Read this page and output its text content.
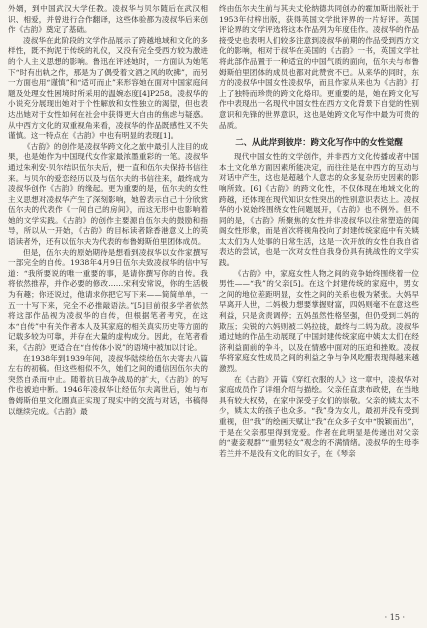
外婿，到中国武汉大学任教。凌叔华与贝尔随后在武汉相识、相爱，并曾进行合作翻译，这些体验都为凌叔华后来创作《古韵》奠定了基础。

凌叔华在此阶段的文学作品展示了跨越地域和文化的多样性，既不拘泥于传统的礼仪，又没有完全受西方较为激进的个人主义思想的影响。鲁迅在评述她时，一方面认为她笔下“时有出轨之作，那是为了偶受着文酒之风的吹拂”，而另一方面也用“谨慎”和“适可而止”来形容她在面对中国家庭问题及处理女性困境时所采用的温婉态度[4]P258。凌叔华的小说充分展现出她对于个性解放和女性独立的渴望，但也表达出她对于女性如何在社会中获得更大自由的焦虑与疑惑。从中西方文化的双重视角来看，凌叔华的作品既感性又不失谨慎。这一特点在《古韵》中也有明显的表现[1]。

《古韵》的创作是凌叔华跨文化之旅中最引人注目的成果，也是她作为中国现代女作家最浓墨重彩的一笔。凌叔华通过朱利安·贝尔结识伍尔夫后，便一直和伍尔夫保持书信往来。与贝尔的爱恋经历以及与伍尔夫的书信往来，最终成为凌叔华创作《古韵》的缘起。更为重要的是，伍尔夫的女性主义思想对凌叔华产生了深刻影响，她曾表示自己十分欣赏伍尔夫的代表作《一间自己的房间》，而这无形中也影响着她的文学实践。《古韵》的创作主要源自伍尔夫的鼓励和指导，所以从一开始，《古韵》的目标读者除香港意义上的英语读者外，还有以伍尔夫为代表的布鲁姆斯伯里团体成员。

但是，伍尔夫的原始期待是想看到凌叔华以女作家撰写一部完全的自传。1938年4月9日伍尔夫致凌叔华的信中写道：“我所要说的唯一重要的事，是请你撰写你的自传。我将依然推荐，并作必要的修改……宋利安常说，你的生活极为有趣；你还说过，他请求你把它写下来——简简单单，一五一十写下来，完全不必推敲语法。”[5]目前很多学者依然将这部作品视为凌叔华的自传，但根据笔者考究，在这本“自传”中有关作者本人及其家庭的相关真实历史等方面的记载多较为可靠，并存在大量的虚构成分。因此，在笔者看来，《古韵》更适合在“自传体小说”的语境中被加以讨论。

在1938年到1939年间，凌叔华陆续给伍尔夫寄去八篇左右的初稿。但这些相似不久，她们之间的通信因伍尔夫的突然自杀而中止。随着抗日战争战局的扩大，《古韵》的写作也被迫中断。1946年凌叔华让经伍尔夫离世后，她与布鲁姆斯伯里文化圈真正实现了现实中的交流与对话，书稿得以继续完成。《古韵》最

终由伍尔夫生前与其夫丈伦纳德共同创办的霍加斯出版社于1953年付梓出版，获得英国文学批评界的一片好评。英国评论界的文学评选将这本作品列为年度佳作。凌叔华的作品接受史也表明人们较多注意到凌叔华前期的作品受到西方文化的影响，相对于叔华在美国的《古韵》一书，英国文学社将此部作品置于一种适宜的中国气质的面向，伍尔夫与布鲁姆斯伯里团体的成员也都对此赞赏不已。从来华的同时，东方的凌叔华中国女性凌叔华，而且作家从来也为《古韵》打上了独特而珍贵的跨文化烙印。更重要的是，她在跨文化写作中表现出一名现代中国女性在西方文化背景下自觉的性别意识和先锋的世界意识，这也是她跨文化写作中最为可贵的品质。

二、从此岸到彼岸：跨文化写作中的女性觉醒

现代中国女性的文学创作，并非西方文化传播或者中国本土文化单方面因素所能决定，而往往是在中西方的互动与对话中产生，这也是超越个人意志的众多复杂历史因素的影响所致。[6]《古韵》的跨文化性，不仅体现在地域文化的跨越，还体现在现代知识女性突出的性别意识表达上。凌叔华的小说始终围绕女性问题展开，《古韵》也不例外。但不同的是，《古韵》所聚焦的女性并非凌叔华以往常塑造的闺阁女性形象，而是首次将视角投向了封建传统家庭中有关姨太太们为人处事的日常生活，这是一次开放的女性自我自省表达的尝试，也是一次对女性自我身份具有挑战性的文学实践。

《古韵》中，家庭女性人物之间的竞争始终围绕着一位男性——“我”的父亲[5]。在这个封建传统的家庭中，男女之间的地位差距明显，女性之间的关系也极为紧张。大妈早早离开人世，二妈极力想要掌握财富，四妈则毫不在意这些利益，只是贪责调停；五妈虽然性格坚强，但仍受到二妈的欺压；尖锐的六妈则被二妈拉拢，最终与二妈为敌。凌叔华通过她的作品生动展现了中国封建传统家庭中姨太太们在经济利益面前的争斗，以及在情感中面对的压迫和挫败。凌叔华将家庭女性成员之间的利益之争与争风吃醋表现得越来越激烈。

在《古韵》开篇《穿红衣服的人》这一章中，凌叔华对家庭成员作了详细介绍与描绘。父亲任直隶布政使，在当地具有较大权势，在家中深受子女们的崇敬。父亲的姨太太不少，姨太太的孩子也众多。“我”身为女儿，最初并没有受到重视，但“我”的绘画天赋让“我”在众多子女中“脱颖而出”，于是在父亲那里得到宠爱。作者在此明显是传递出对父亲的“妻妾观群”“重男轻女”观念的不满情绪。凌叔华的生母李若兰并不是没有文化的旧女子，在《琴亲

· 15 ·
